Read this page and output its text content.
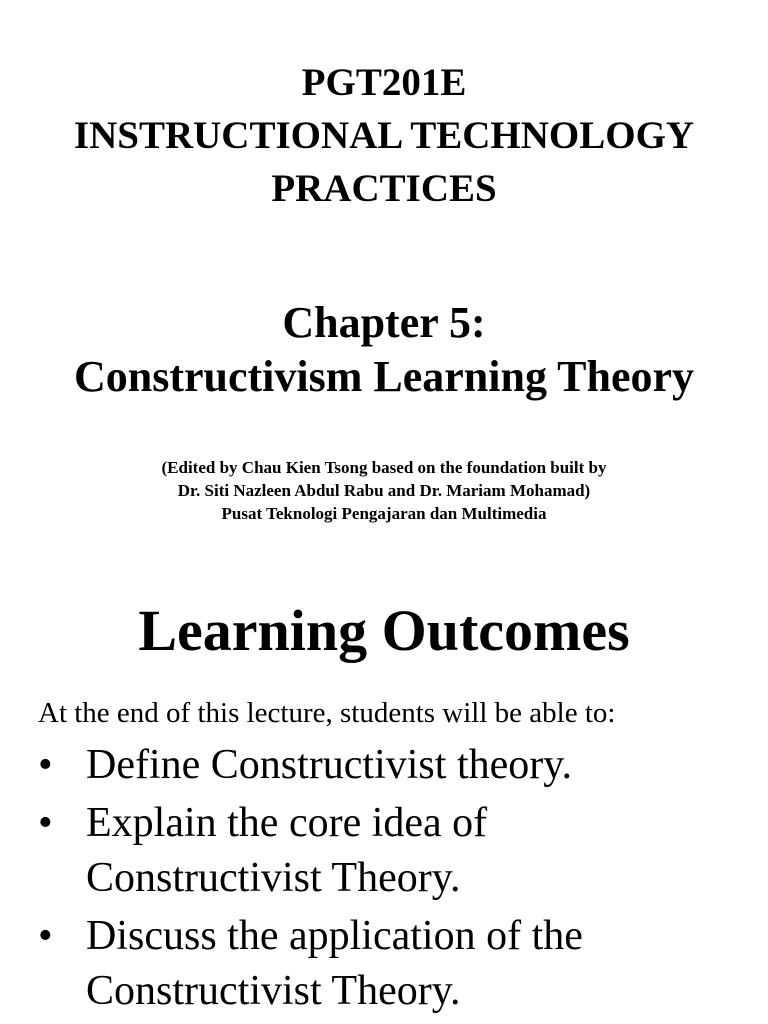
PGT201E
INSTRUCTIONAL TECHNOLOGY
PRACTICES
Chapter 5:
Constructivism Learning Theory

(Edited by Chau Kien Tsong based on the foundation built by
Dr. Siti Nazleen Abdul Rabu and Dr. Mariam Mohamad)
Pusat Teknologi Pengajaran dan Multimedia

Learning Outcomes

At the end of this lecture, students will be able to:

• Define Constructivist theory.
• Explain the core idea of
Constructivist Theory.
• Discuss the application of the
Constructivist Theory.
